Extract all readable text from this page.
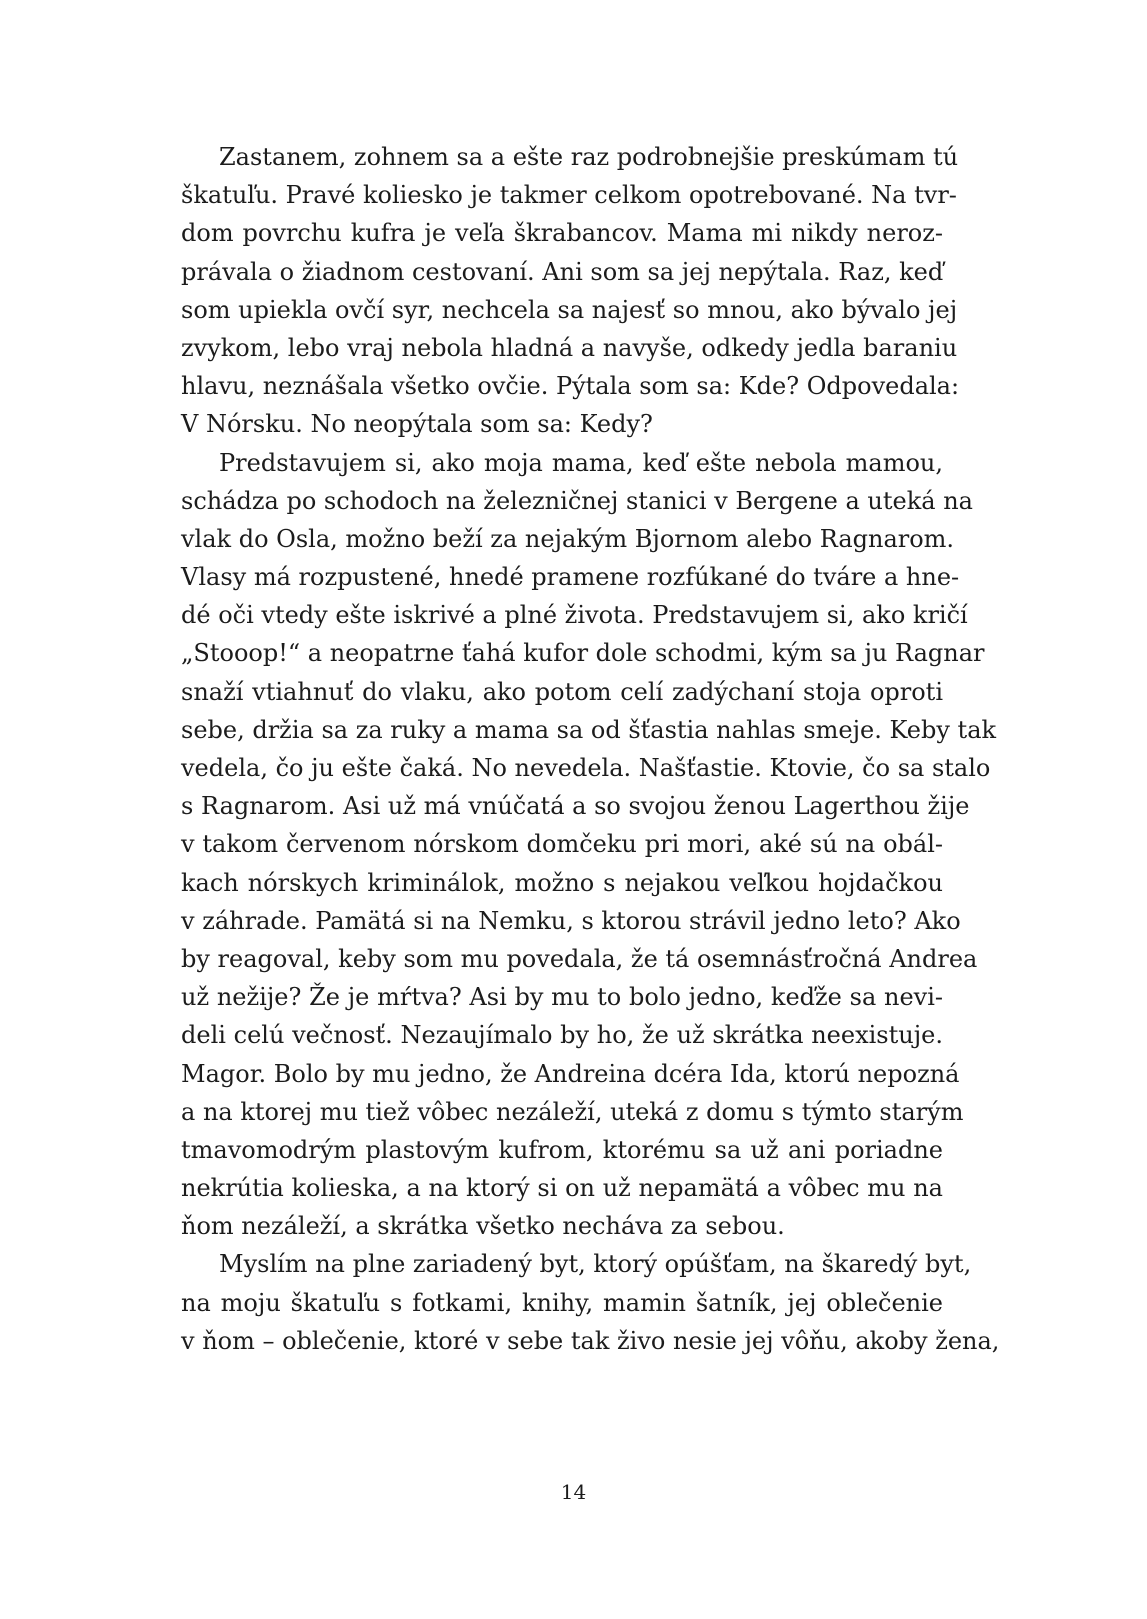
Zastanem, zohnem sa a ešte raz podrobnejšie preskúmam tú
škatuľu. Pravé koliesko je takmer celkom opotrebované. Na tvr-
dom povrchu kufra je veľa škrabancov. Mama mi nikdy neroz-
právala o žiadnom cestovaní. Ani som sa jej nepýtala. Raz, keď
som upiekla ovčí syr, nechcela sa najesť so mnou, ako bývalo jej
zvykom, lebo vraj nebola hladná a navyše, odkedy jedla baraniu
hlavu, neznášala všetko ovčie. Pýtala som sa: Kde? Odpovedala:
V Nórsku. No neopýtala som sa: Kedy?
Predstavujem si, ako moja mama, keď ešte nebola mamou,
schádza po schodoch na železničnej stanici v Bergene a uteká na
vlak do Osla, možno beží za nejakým Bjornom alebo Ragnarom.
Vlasy má rozpustené, hnedé pramene rozfúkané do tváre a hne-
dé oči vtedy ešte iskrivé a plné života. Predstavujem si, ako kričí
„Stooop!“ a neopatrne ťahá kufor dole schodmi, kým sa ju Ragnar
snaží vtiahnuť do vlaku, ako potom celí zadýchaní stoja oproti
sebe, držia sa za ruky a mama sa od šťastia nahlas smeje. Keby tak
vedela, čo ju ešte čaká. No nevedela. Našťastie. Ktovie, čo sa stalo
s Ragnarom. Asi už má vnúčatá a so svojou ženou Lagerthou žije
v takom červenom nórskom domčeku pri mori, aké sú na obál-
kach nórskych kriminálok, možno s nejakou veľkou hojdačkou
v záhrade. Pamätá si na Nemku, s ktorou strávil jedno leto? Ako
by reagoval, keby som mu povedala, že tá osemnásťročná Andrea
už nežije? Že je mŕtva? Asi by mu to bolo jedno, keďže sa nevi-
deli celú večnosť. Nezaujímalo by ho, že už skrátka neexistuje.
Magor. Bolo by mu jedno, že Andreina dcéra Ida, ktorú nepozná
a na ktorej mu tiež vôbec nezáleží, uteká z domu s týmto starým
tmavomodrým plastovým kufrom, ktorému sa už ani poriadne
nekrútia kolieska, a na ktorý si on už nepamätá a vôbec mu na
ňom nezáleží, a skrátka všetko necháva za sebou.
Myslím na plne zariadený byt, ktorý opúšťam, na škaredý byt,
na moju škatuľu s fotkami, knihy, mamin šatník, jej oblečenie
v ňom – oblečenie, ktoré v sebe tak živo nesie jej vôňu, akoby žena,
14
